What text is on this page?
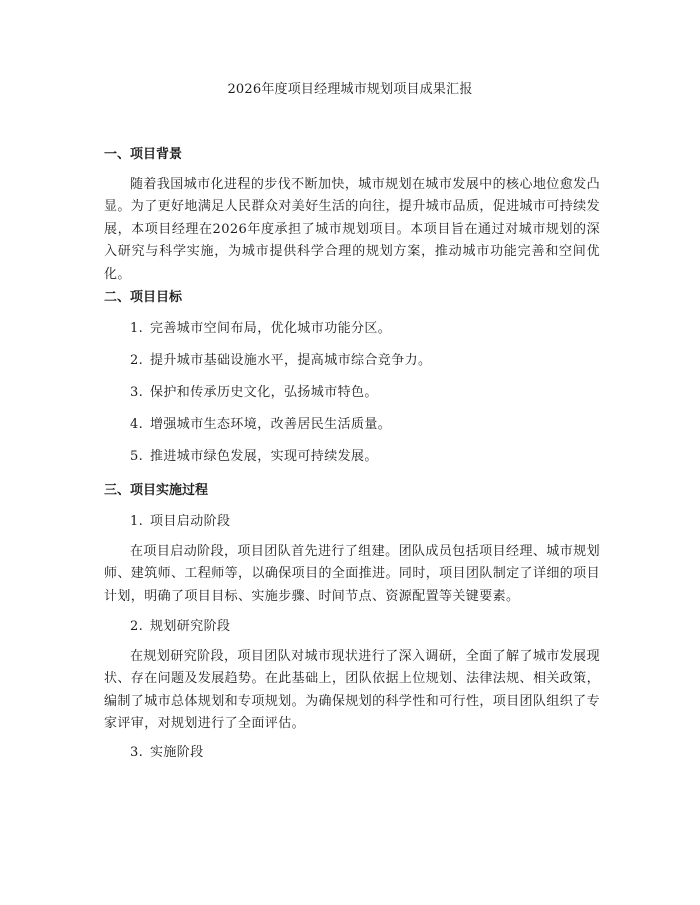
2026年度项目经理城市规划项目成果汇报
一、项目背景
随着我国城市化进程的步伐不断加快，城市规划在城市发展中的核心地位愈发凸显。为了更好地满足人民群众对美好生活的向往，提升城市品质，促进城市可持续发展，本项目经理在2026年度承担了城市规划项目。本项目旨在通过对城市规划的深入研究与科学实施，为城市提供科学合理的规划方案，推动城市功能完善和空间优化。
二、项目目标
1. 完善城市空间布局，优化城市功能分区。
2. 提升城市基础设施水平，提高城市综合竞争力。
3. 保护和传承历史文化，弘扬城市特色。
4. 增强城市生态环境，改善居民生活质量。
5. 推进城市绿色发展，实现可持续发展。
三、项目实施过程
1. 项目启动阶段
在项目启动阶段，项目团队首先进行了组建。团队成员包括项目经理、城市规划师、建筑师、工程师等，以确保项目的全面推进。同时，项目团队制定了详细的项目计划，明确了项目目标、实施步骤、时间节点、资源配置等关键要素。
2. 规划研究阶段
在规划研究阶段，项目团队对城市现状进行了深入调研，全面了解了城市发展现状、存在问题及发展趋势。在此基础上，团队依据上位规划、法律法规、相关政策，编制了城市总体规划和专项规划。为确保规划的科学性和可行性，项目团队组织了专家评审，对规划进行了全面评估。
3. 实施阶段
